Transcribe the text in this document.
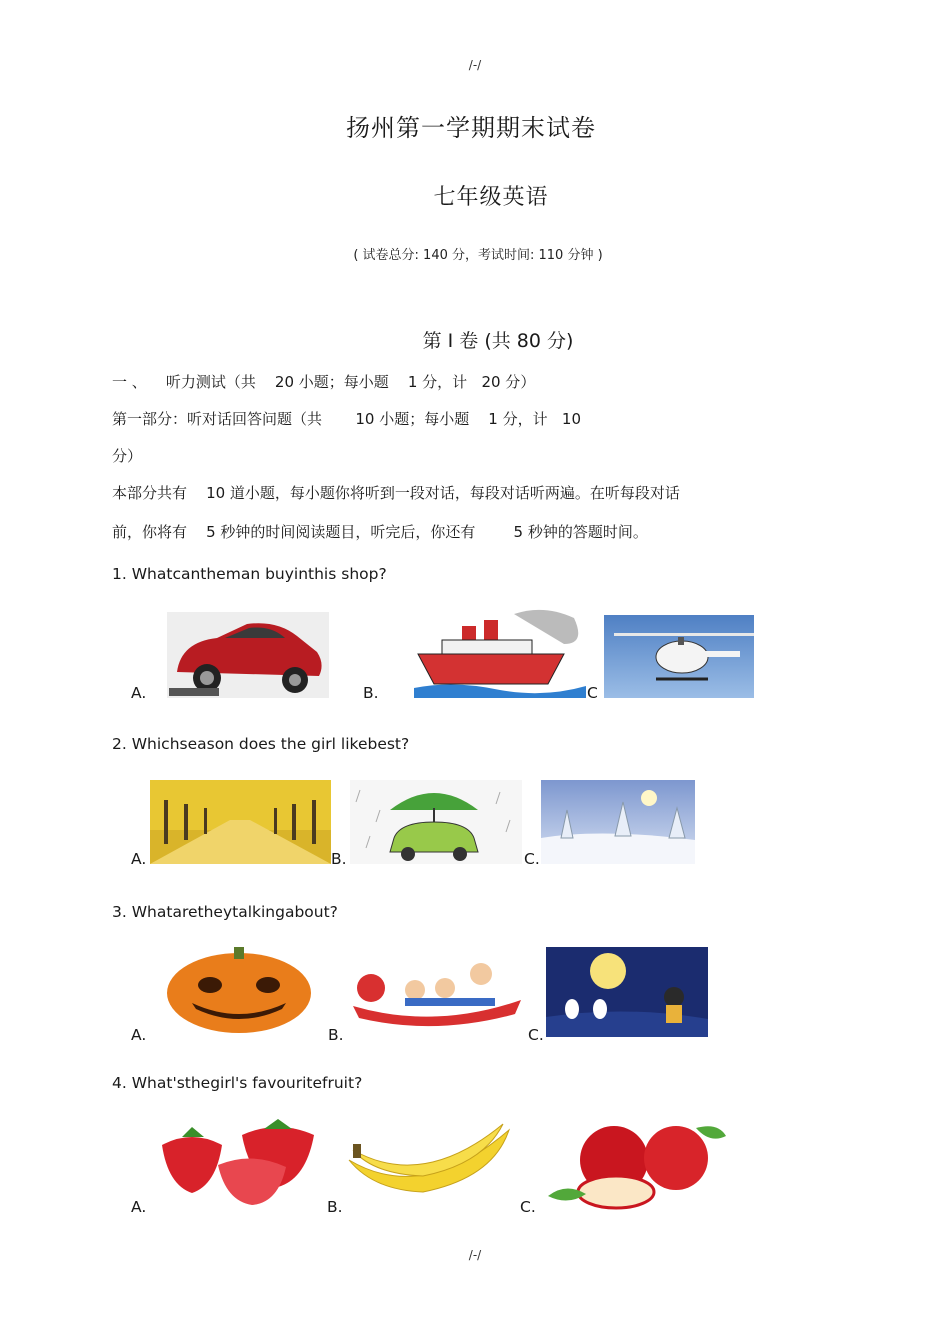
/-/
扬州第一学期期末试卷
七年级英语
( 试卷总分: 140 分，考试时间: 110 分钟 )
第 I 卷 (共 80 分)
一 、    听力测试（共    20 小题；每小题    1 分，计   20 分）
第一部分：听对话回答问题（共       10 小题；每小题    1 分，计   10
分）
本部分共有    10 道小题，每小题你将听到一段对话，每段对话听两遍。在听每段对话
前，你将有    5 秒钟的时间阅读题目，听完后，你还有        5 秒钟的答题时间。
1. Whatcantheman buyinthis shop?
A.	B.	C
2. Whichseason does the girl likebest?
A.	B.	C.
3. Whataretheytalkingabout?
A.	B.	C.
4. What'sthegirl's favouritefruit?
A.	B.	C.
/-/
